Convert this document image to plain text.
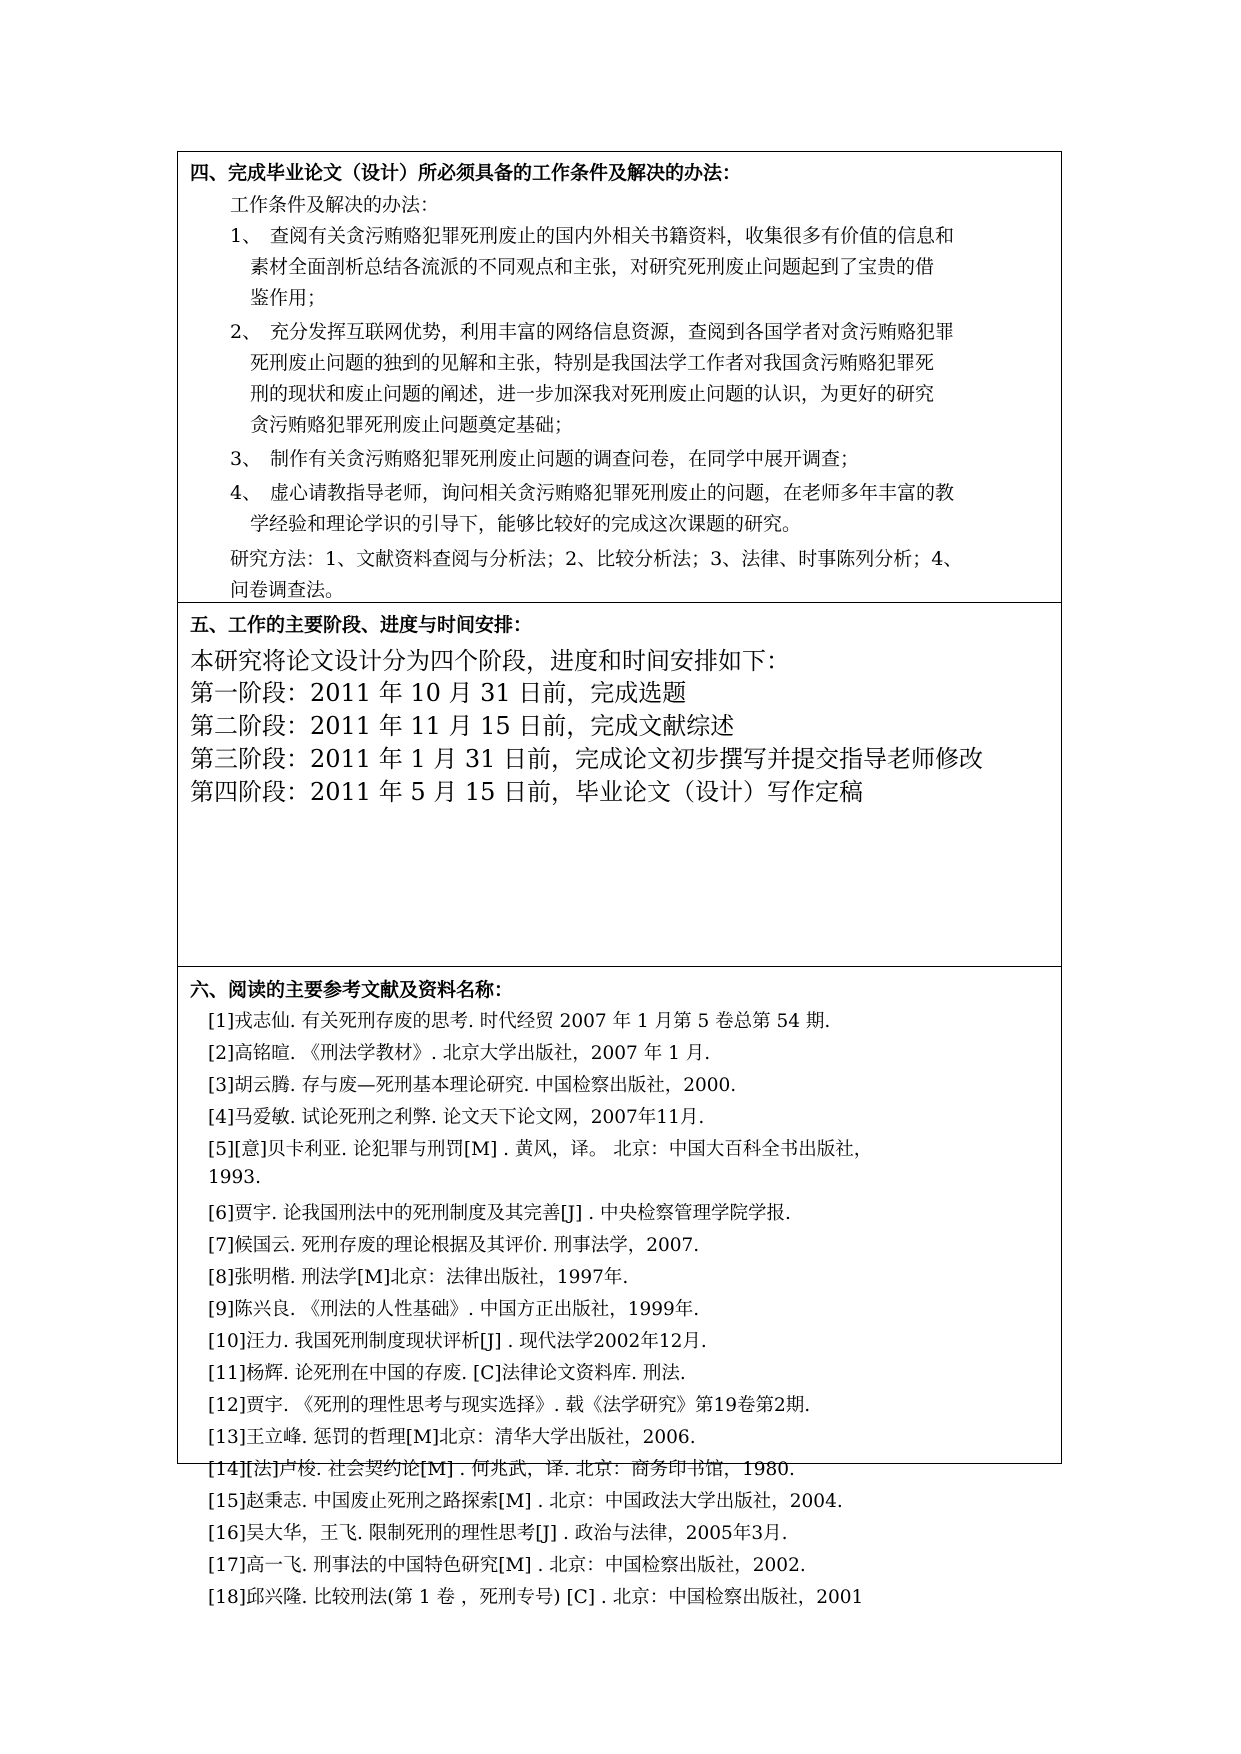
四、完成毕业论文（设计）所必须具备的工作条件及解决的办法：
工作条件及解决的办法：
1、 查阅有关贪污贿赂犯罪死刑废止的国内外相关书籍资料，收集很多有价值的信息和
素材全面剖析总结各流派的不同观点和主张，对研究死刑废止问题起到了宝贵的借
鉴作用；
2、 充分发挥互联网优势，利用丰富的网络信息资源，查阅到各国学者对贪污贿赂犯罪
死刑废止问题的独到的见解和主张，特别是我国法学工作者对我国贪污贿赂犯罪死
刑的现状和废止问题的阐述，进一步加深我对死刑废止问题的认识，为更好的研究
贪污贿赂犯罪死刑废止问题奠定基础；
3、 制作有关贪污贿赂犯罪死刑废止问题的调查问卷，在同学中展开调查；
4、 虚心请教指导老师，询问相关贪污贿赂犯罪死刑废止的问题，在老师多年丰富的教
学经验和理论学识的引导下，能够比较好的完成这次课题的研究。
研究方法：1、文献资料查阅与分析法；2、比较分析法；3、法律、时事陈列分析；4、
问卷调查法。
五、工作的主要阶段、进度与时间安排：
本研究将论文设计分为四个阶段，进度和时间安排如下：
第一阶段：2011 年 10 月 31 日前，完成选题
第二阶段：2011 年 11 月 15 日前，完成文献综述
第三阶段：2011 年 1 月 31 日前，完成论文初步撰写并提交指导老师修改
第四阶段：2011 年 5 月 15 日前，毕业论文（设计）写作定稿
六、阅读的主要参考文献及资料名称：
[1]戎志仙. 有关死刑存废的思考. 时代经贸 2007 年 1 月第 5 卷总第 54 期.
[2]高铭暄. 《刑法学教材》. 北京大学出版社，2007 年 1 月.
[3]胡云腾. 存与废—死刑基本理论研究. 中国检察出版社，2000.
[4]马爱敏. 试论死刑之利弊. 论文天下论文网，2007年11月.
[5][意]贝卡利亚. 论犯罪与刑罚[M] . 黄风，译。 北京：中国大百科全书出版社，
1993.
[6]贾宇. 论我国刑法中的死刑制度及其完善[J] . 中央检察管理学院学报.
[7]候国云. 死刑存废的理论根据及其评价. 刑事法学，2007.
[8]张明楷. 刑法学[M]北京：法律出版社，1997年.
[9]陈兴良. 《刑法的人性基础》. 中国方正出版社，1999年.
[10]汪力. 我国死刑制度现状评析[J] . 现代法学2002年12月.
[11]杨辉. 论死刑在中国的存废. [C]法律论文资料库. 刑法.
[12]贾宇. 《死刑的理性思考与现实选择》. 载《法学研究》第19卷第2期.
[13]王立峰. 惩罚的哲理[M]北京：清华大学出版社，2006.
[14][法]卢梭. 社会契约论[M] . 何兆武，译. 北京：商务印书馆，1980.
[15]赵秉志. 中国废止死刑之路探索[M] . 北京：中国政法大学出版社，2004.
[16]吴大华，王飞. 限制死刑的理性思考[J] . 政治与法律，2005年3月.
[17]高一飞. 刑事法的中国特色研究[M] . 北京：中国检察出版社，2002.
[18]邱兴隆. 比较刑法(第 1 卷 ，死刑专号) [C] . 北京：中国检察出版社，2001
